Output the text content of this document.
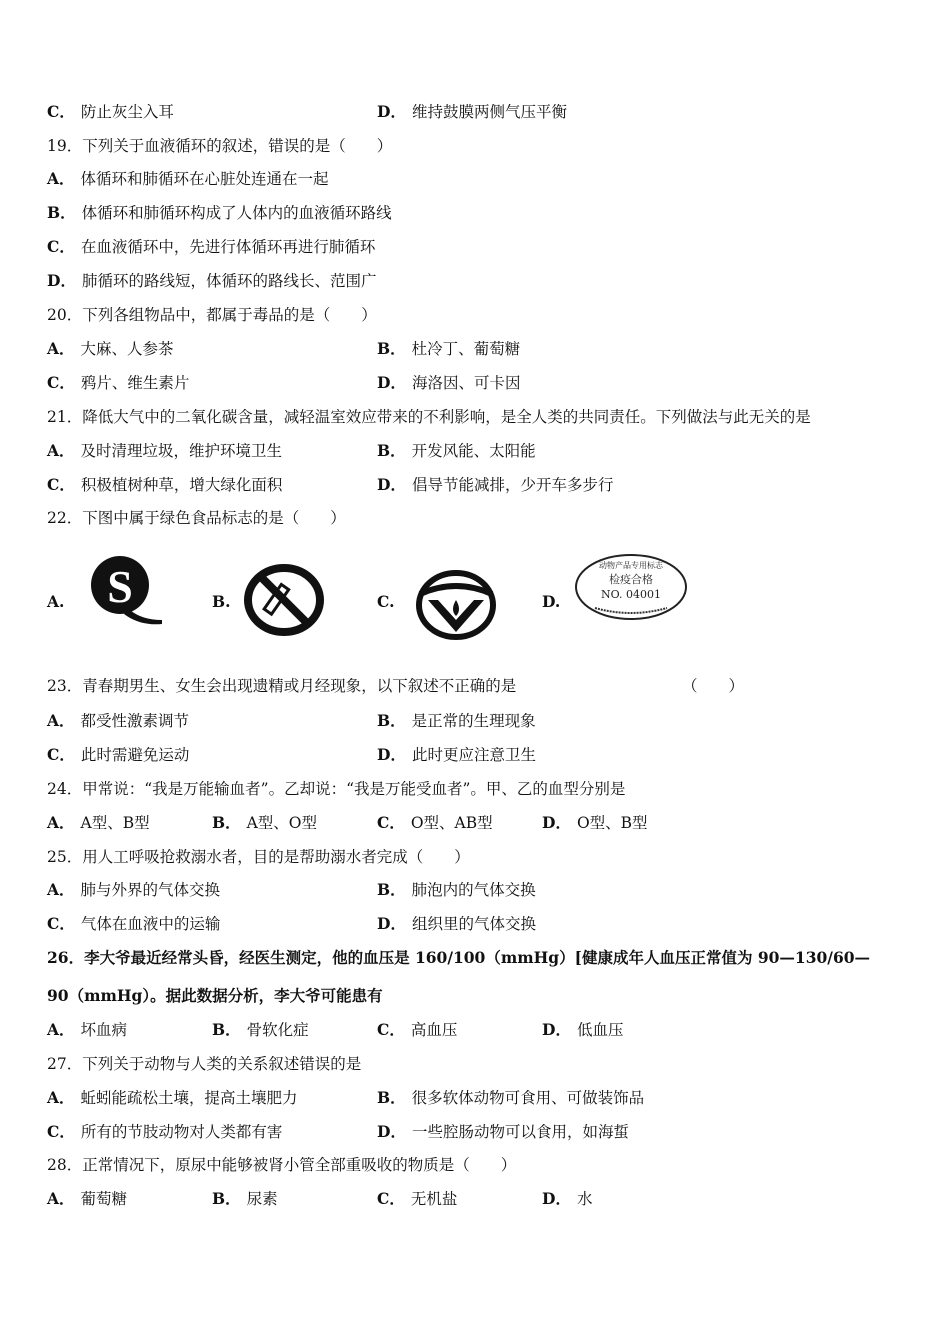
C． 防止灰尘入耳	D． 维持鼓膜两侧气压平衡
19．下列关于血液循环的叙述，错误的是（　　）
A． 体循环和肺循环在心脏处连通在一起
B． 体循环和肺循环构成了人体内的血液循环路线
C． 在血液循环中，先进行体循环再进行肺循环
D． 肺循环的路线短，体循环的路线长、范围广
20．下列各组物品中，都属于毒品的是（　　）
A． 大麻、人参茶	B． 杜冷丁、葡萄糖
C． 鸦片、维生素片	D． 海洛因、可卡因
21．降低大气中的二氧化碳含量，减轻温室效应带来的不利影响，是全人类的共同责任。下列做法与此无关的是
A． 及时清理垃圾，维护环境卫生	B． 开发风能、太阳能
C． 积极植树种草，增大绿化面积	D． 倡导节能减排，少开车多步行
22．下图中属于绿色食品标志的是（　　）
A.	B.	C.	D.
S	动物产品专用标志
检疫合格
NO. 04001
23．青春期男生、女生会出现遗精或月经现象，以下叙述不正确的是	（　　）
A． 都受性激素调节	B． 是正常的生理现象
C． 此时需避免运动	D． 此时更应注意卫生
24．甲常说：“我是万能输血者”。乙却说：“我是万能受血者”。甲、乙的血型分别是
A． A型、B型	B． A型、O型	C． O型、AB型	D． O型、B型
25．用人工呼吸抢救溺水者，目的是帮助溺水者完成（　　）
A． 肺与外界的气体交换	B． 肺泡内的气体交换
C． 气体在血液中的运输	D． 组织里的气体交换
26．李大爷最近经常头昏，经医生测定，他的血压是 160/100（mmHg）[健康成年人血压正常值为 90—130/60—
90（mmHg）。据此数据分析，李大爷可能患有
A． 坏血病	B． 骨软化症	C． 高血压	D． 低血压
27．下列关于动物与人类的关系叙述错误的是
A． 蚯蚓能疏松土壤，提高土壤肥力	B． 很多软体动物可食用、可做装饰品
C． 所有的节肢动物对人类都有害	D． 一些腔肠动物可以食用，如海蜇
28．正常情况下，原尿中能够被肾小管全部重吸收的物质是（　　）
A． 葡萄糖	B． 尿素	C． 无机盐	D． 水
